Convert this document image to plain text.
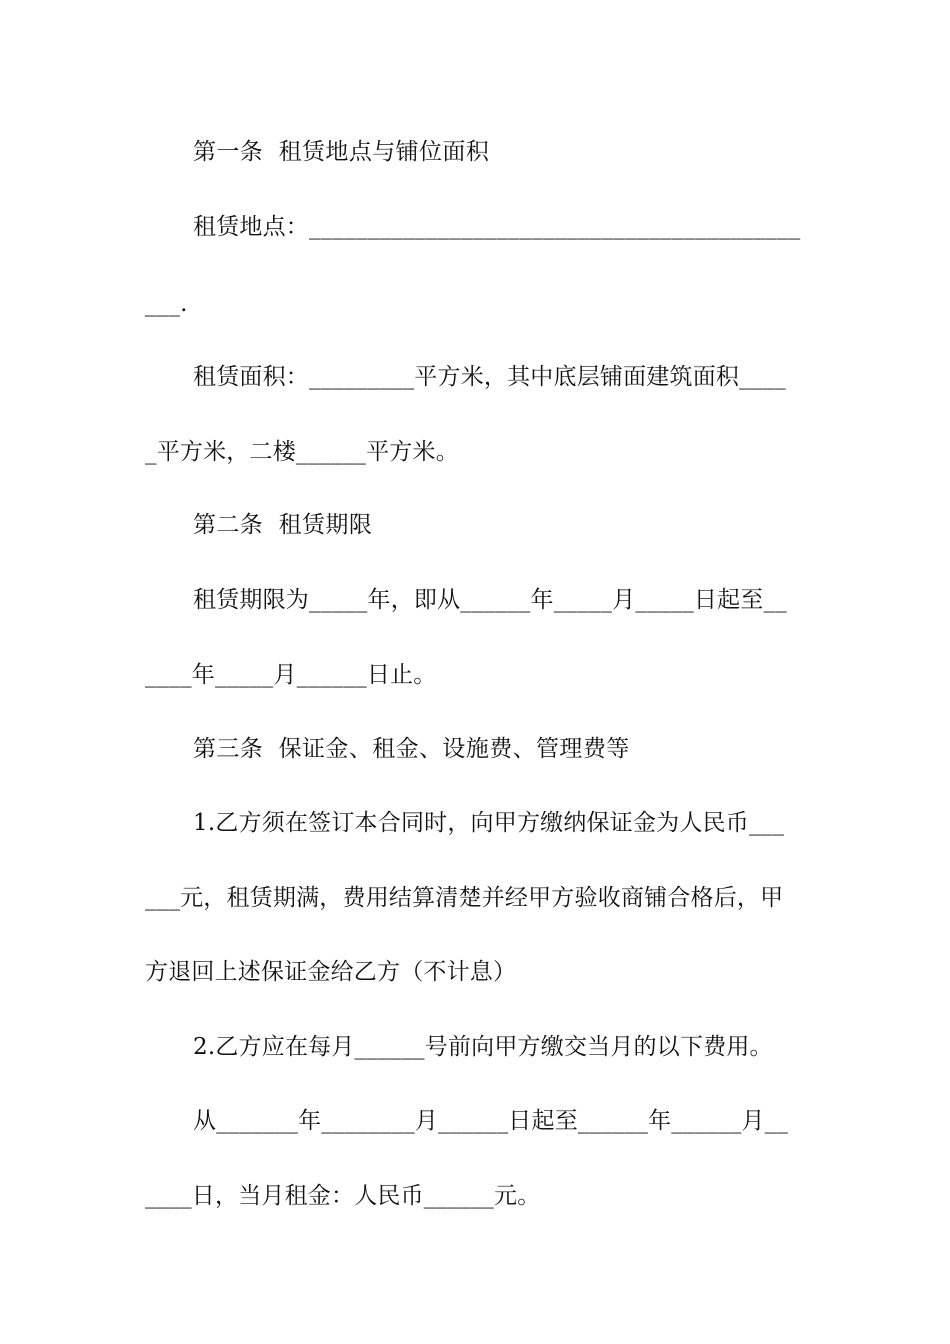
第一条  租赁地点与铺位面积
租赁地点：__________________________________________
___.
租赁面积：_________平方米，其中底层铺面建筑面积____
_平方米，二楼______平方米。
第二条  租赁期限
租赁期限为_____年，即从______年_____月_____日起至__
____年_____月______日止。
第三条  保证金、租金、设施费、管理费等
1.乙方须在签订本合同时，向甲方缴纳保证金为人民币___
___元，租赁期满，费用结算清楚并经甲方验收商铺合格后，甲
方退回上述保证金给乙方（不计息）
2.乙方应在每月______号前向甲方缴交当月的以下费用。
从_______年________月______日起至______年______月__
____日，当月租金：人民币______元。
